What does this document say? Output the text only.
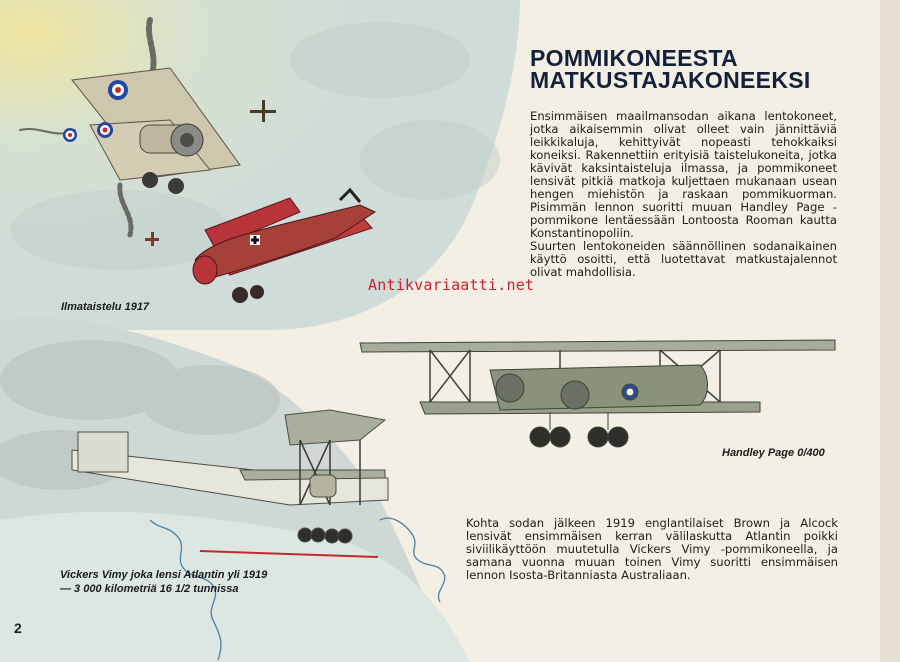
POMMIKONEESTA
MATKUSTAJAKONEEKSI

Ensimmäisen maailmansodan aikana lentokoneet, jotka aikaisemmin olivat olleet vain jännittäviä leikkikaluja, kehittyivät nopeasti tehokkaiksi koneiksi. Rakennettiin erityisiä taistelukoneita, jotka kävivät kaksintaisteluja ilmassa, ja pommikoneet lensivät pitkiä matkoja kuljettaen mukanaan usean hengen miehistön ja raskaan pommikuorman. Pisimmän lennon suoritti muuan Handley Page -pommikone lentäessään Lontoosta Rooman kautta Konstantinopoliin.

Suurten lentokoneiden säännöllinen sodanaikainen käyttö osoitti, että luotettavat matkustajalennot olivat mahdollisia.

Antikvariaatti.net
Ilmataistelu 1917
Handley Page 0/400
Vickers Vimy joka lensi Atlantin yli 1919
— 3 000 kilometriä 16 1/2 tunnissa

Kohta sodan jälkeen 1919 englantilaiset Brown ja Alcock lensivät ensimmäisen kerran välilaskutta Atlantin poikki siviilikäyttöön muutetulla Vickers Vimy -pommikoneella, ja samana vuonna muuan toinen Vimy suoritti ensimmäisen lennon Isosta-Britanniasta Australiaan.

2
